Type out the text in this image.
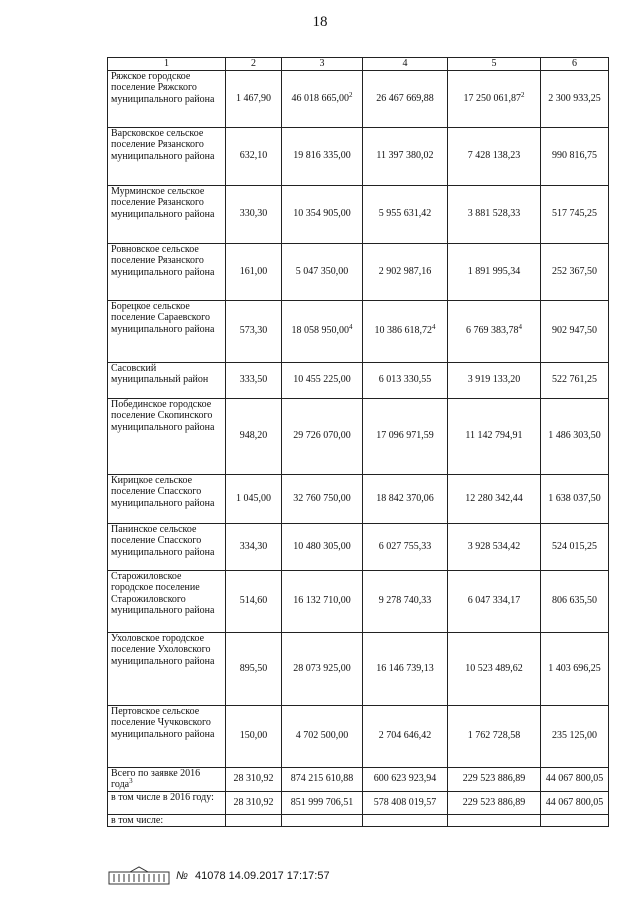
18
1	2	3	4	5	6
Ряжское городское поселение Ряжского муниципального района	1 467,90	46 018 665,00$^2$	26 467 669,88	17 250 061,87$^2$	2 300 933,25
Варсковское сельское поселение Рязанского муниципального района	632,10	19 816 335,00	11 397 380,02	7 428 138,23	990 816,75
Мурминское сельское поселение Рязанского муниципального района	330,30	10 354 905,00	5 955 631,42	3 881 528,33	517 745,25
Ровновское сельское поселение Рязанского муниципального района	161,00	5 047 350,00	2 902 987,16	1 891 995,34	252 367,50
Борецкое сельское поселение Сараевского муниципального района	573,30	18 058 950,00$^4$	10 386 618,72$^4$	6 769 383,78$^4$	902 947,50
Сасовский муниципальный район	333,50	10 455 225,00	6 013 330,55	3 919 133,20	522 761,25
Побединское городское поселение Скопинского муниципального района	948,20	29 726 070,00	17 096 971,59	11 142 794,91	1 486 303,50
Кирицкое сельское поселение Спасского муниципального района	1 045,00	32 760 750,00	18 842 370,06	12 280 342,44	1 638 037,50
Панинское сельское поселение Спасского муниципального района	334,30	10 480 305,00	6 027 755,33	3 928 534,42	524 015,25
Старожиловское городское поселение Старожиловского муниципального района	514,60	16 132 710,00	9 278 740,33	6 047 334,17	806 635,50
Ухоловское городское поселение Ухоловского муниципального района	895,50	28 073 925,00	16 146 739,13	10 523 489,62	1 403 696,25
Пертовское сельское поселение Чучковского муниципального района	150,00	4 702 500,00	2 704 646,42	1 762 728,58	235 125,00
Всего по заявке 2016 года$^3$	28 310,92	874 215 610,88	600 623 923,94	229 523 886,89	44 067 800,05
в том числе в 2016 году:	28 310,92	851 999 706,51	578 408 019,57	229 523 886,89	44 067 800,05
в том числе:					
№ 41078 14.09.2017 17:17:57
